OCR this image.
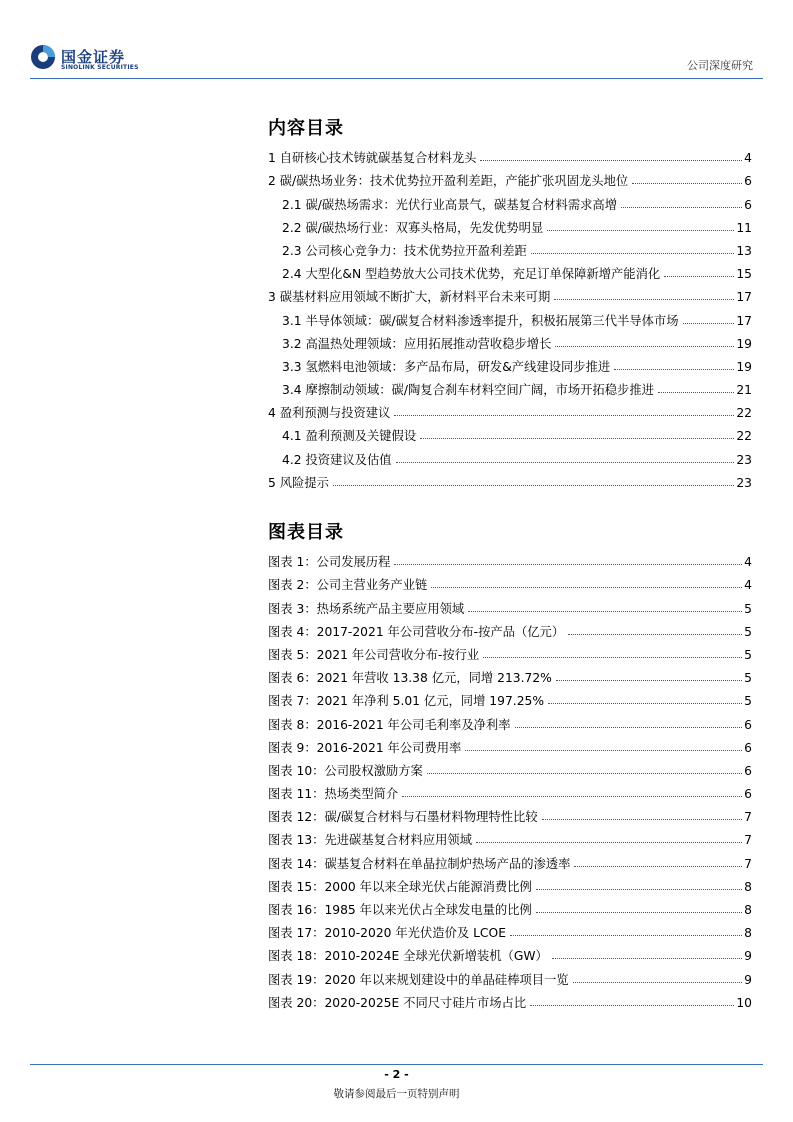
国金证券
SINOLINK SECURITIES	公司深度研究
内容目录
1 自研核心技术铸就碳基复合材料龙头	4
2 碳/碳热场业务：技术优势拉开盈利差距，产能扩张巩固龙头地位	6
2.1 碳/碳热场需求：光伏行业高景气，碳基复合材料需求高增	6
2.2 碳/碳热场行业：双寡头格局，先发优势明显	11
2.3 公司核心竞争力：技术优势拉开盈利差距	13
2.4 大型化&N 型趋势放大公司技术优势，充足订单保障新增产能消化	15
3 碳基材料应用领域不断扩大，新材料平台未来可期	17
3.1 半导体领域：碳/碳复合材料渗透率提升，积极拓展第三代半导体市场	17
3.2 高温热处理领域：应用拓展推动营收稳步增长	19
3.3 氢燃料电池领域：多产品布局，研发&产线建设同步推进	19
3.4 摩擦制动领域：碳/陶复合刹车材料空间广阔，市场开拓稳步推进	21
4 盈利预测与投资建议	22
4.1 盈利预测及关键假设	22
4.2 投资建议及估值	23
5 风险提示	23
图表目录
图表 1：公司发展历程	4
图表 2：公司主营业务产业链	4
图表 3：热场系统产品主要应用领域	5
图表 4：2017-2021 年公司营收分布-按产品（亿元）	5
图表 5：2021 年公司营收分布-按行业	5
图表 6：2021 年营收 13.38 亿元，同增 213.72%	5
图表 7：2021 年净利 5.01 亿元，同增 197.25%	5
图表 8：2016-2021 年公司毛利率及净利率	6
图表 9：2016-2021 年公司费用率	6
图表 10：公司股权激励方案	6
图表 11：热场类型简介	6
图表 12：碳/碳复合材料与石墨材料物理特性比较	7
图表 13：先进碳基复合材料应用领域	7
图表 14：碳基复合材料在单晶拉制炉热场产品的渗透率	7
图表 15：2000 年以来全球光伏占能源消费比例	8
图表 16：1985 年以来光伏占全球发电量的比例	8
图表 17：2010-2020 年光伏造价及 LCOE	8
图表 18：2010-2024E 全球光伏新增装机（GW）	9
图表 19：2020 年以来规划建设中的单晶硅棒项目一览	9
图表 20：2020-2025E 不同尺寸硅片市场占比	10
- 2 -
敬请参阅最后一页特别声明
